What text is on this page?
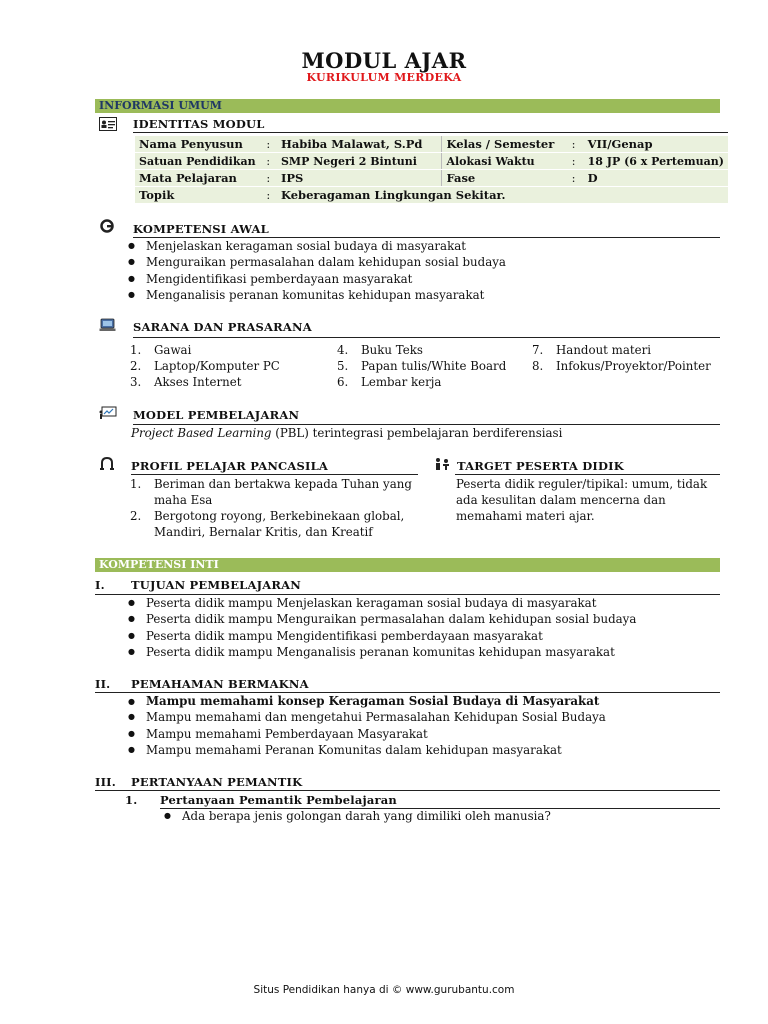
MODUL AJAR
KURIKULUM MERDEKA
INFORMASI UMUM
IDENTITAS MODUL
Nama Penyusun	:	Habiba Malawat, S.Pd	Kelas / Semester	:	VII/Genap
Satuan Pendidikan	:	SMP Negeri 2 Bintuni	Alokasi Waktu	:	18 JP (6 x Pertemuan)
Mata Pelajaran	:	IPS	Fase	:	D
Topik	:	Keberagaman Lingkungan Sekitar.			
KOMPETENSI AWAL
● Menjelaskan keragaman sosial budaya di masyarakat
● Menguraikan permasalahan dalam kehidupan sosial budaya
● Mengidentifikasi pemberdayaan masyarakat
● Menganalisis peranan komunitas kehidupan masyarakat
SARANA DAN PRASARANA
1. Gawai
2. Laptop/Komputer PC
3. Akses Internet
4. Buku Teks
5. Papan tulis/White Board
6. Lembar kerja
7. Handout materi
8. Infokus/Proyektor/Pointer
MODEL PEMBELAJARAN
Project Based Learning (PBL) terintegrasi pembelajaran berdiferensiasi
PROFIL PELAJAR PANCASILA
1. Beriman dan bertakwa kepada Tuhan yang
maha Esa
2. Bergotong royong, Berkebinekaan global,
Mandiri, Bernalar Kritis, dan Kreatif
TARGET PESERTA DIDIK
Peserta didik reguler/tipikal: umum, tidak
ada kesulitan dalam mencerna dan
memahami materi ajar.
KOMPETENSI INTI
I. TUJUAN PEMBELAJARAN
● Peserta didik mampu Menjelaskan keragaman sosial budaya di masyarakat
● Peserta didik mampu Menguraikan permasalahan dalam kehidupan sosial budaya
● Peserta didik mampu Mengidentifikasi pemberdayaan masyarakat
● Peserta didik mampu Menganalisis peranan komunitas kehidupan masyarakat
II. PEMAHAMAN BERMAKNA
● Mampu memahami konsep Keragaman Sosial Budaya di Masyarakat
● Mampu memahami dan mengetahui Permasalahan Kehidupan Sosial Budaya
● Mampu memahami Pemberdayaan Masyarakat
● Mampu memahami Peranan Komunitas dalam kehidupan masyarakat
III. PERTANYAAN PEMANTIK
1. Pertanyaan Pemantik Pembelajaran
● Ada berapa jenis golongan darah yang dimiliki oleh manusia?
Situs Pendidikan hanya di © www.gurubantu.com
